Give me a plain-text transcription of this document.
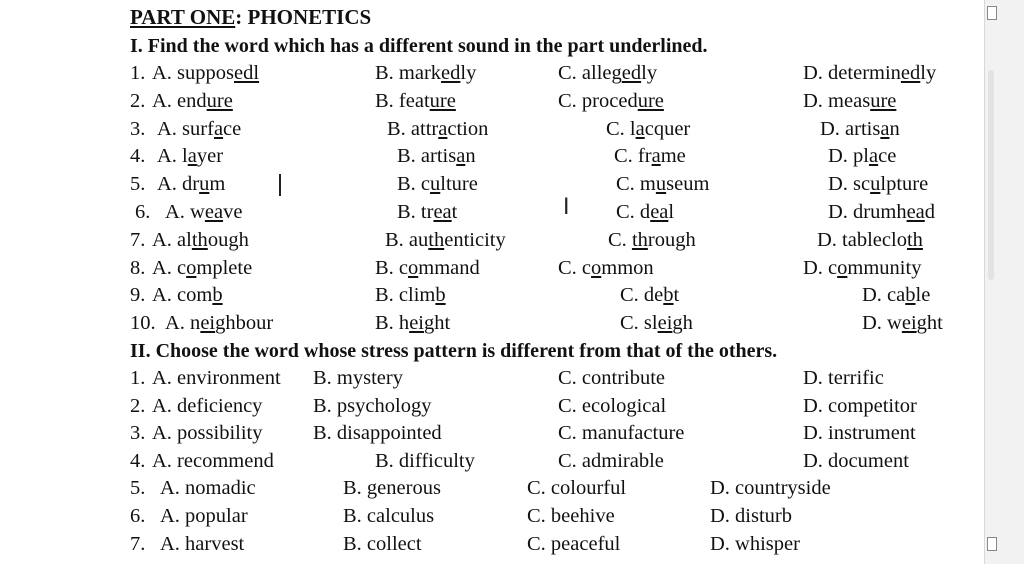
PART ONE: PHONETICS
I. Find the word which has a different sound in the part underlined.
1. A. supposedl	B. markedly	C. allegedly	D. determinedly
2. A. endure	B. feature	C. procedure	D. measure
3. A. surface	B. attraction	C. lacquer	D. artisan
4. A. layer	B. artisan	C. frame	D. place
5. A. drum	B. culture	C. museum	D. sculpture
6. A. weave	B. treat	C. deal	D. drumhead
7. A. although	B. authenticity	C. through	D. tablecloth
8. A. complete	B. command	C. common	D. community
9. A. comb	B. climb	C. debt	D. cable
10. A. neighbour	B. height	C. sleigh	D. weight
II. Choose the word whose stress pattern is different from that of the others.
1. A. environment B. mystery	C. contribute	D. terrific
2. A. deficiency B. psychology	C. ecological	D. competitor
3. A. possibility B. disappointed	C. manufacture	D. instrument
4. A. recommend	B. difficulty	C. admirable	D. document
5. A. nomadic	B. generous	C. colourful	D. countryside
6. A. popular	B. calculus	C. beehive	D. disturb
7. A. harvest	B. collect	C. peaceful	D. whisper
I
